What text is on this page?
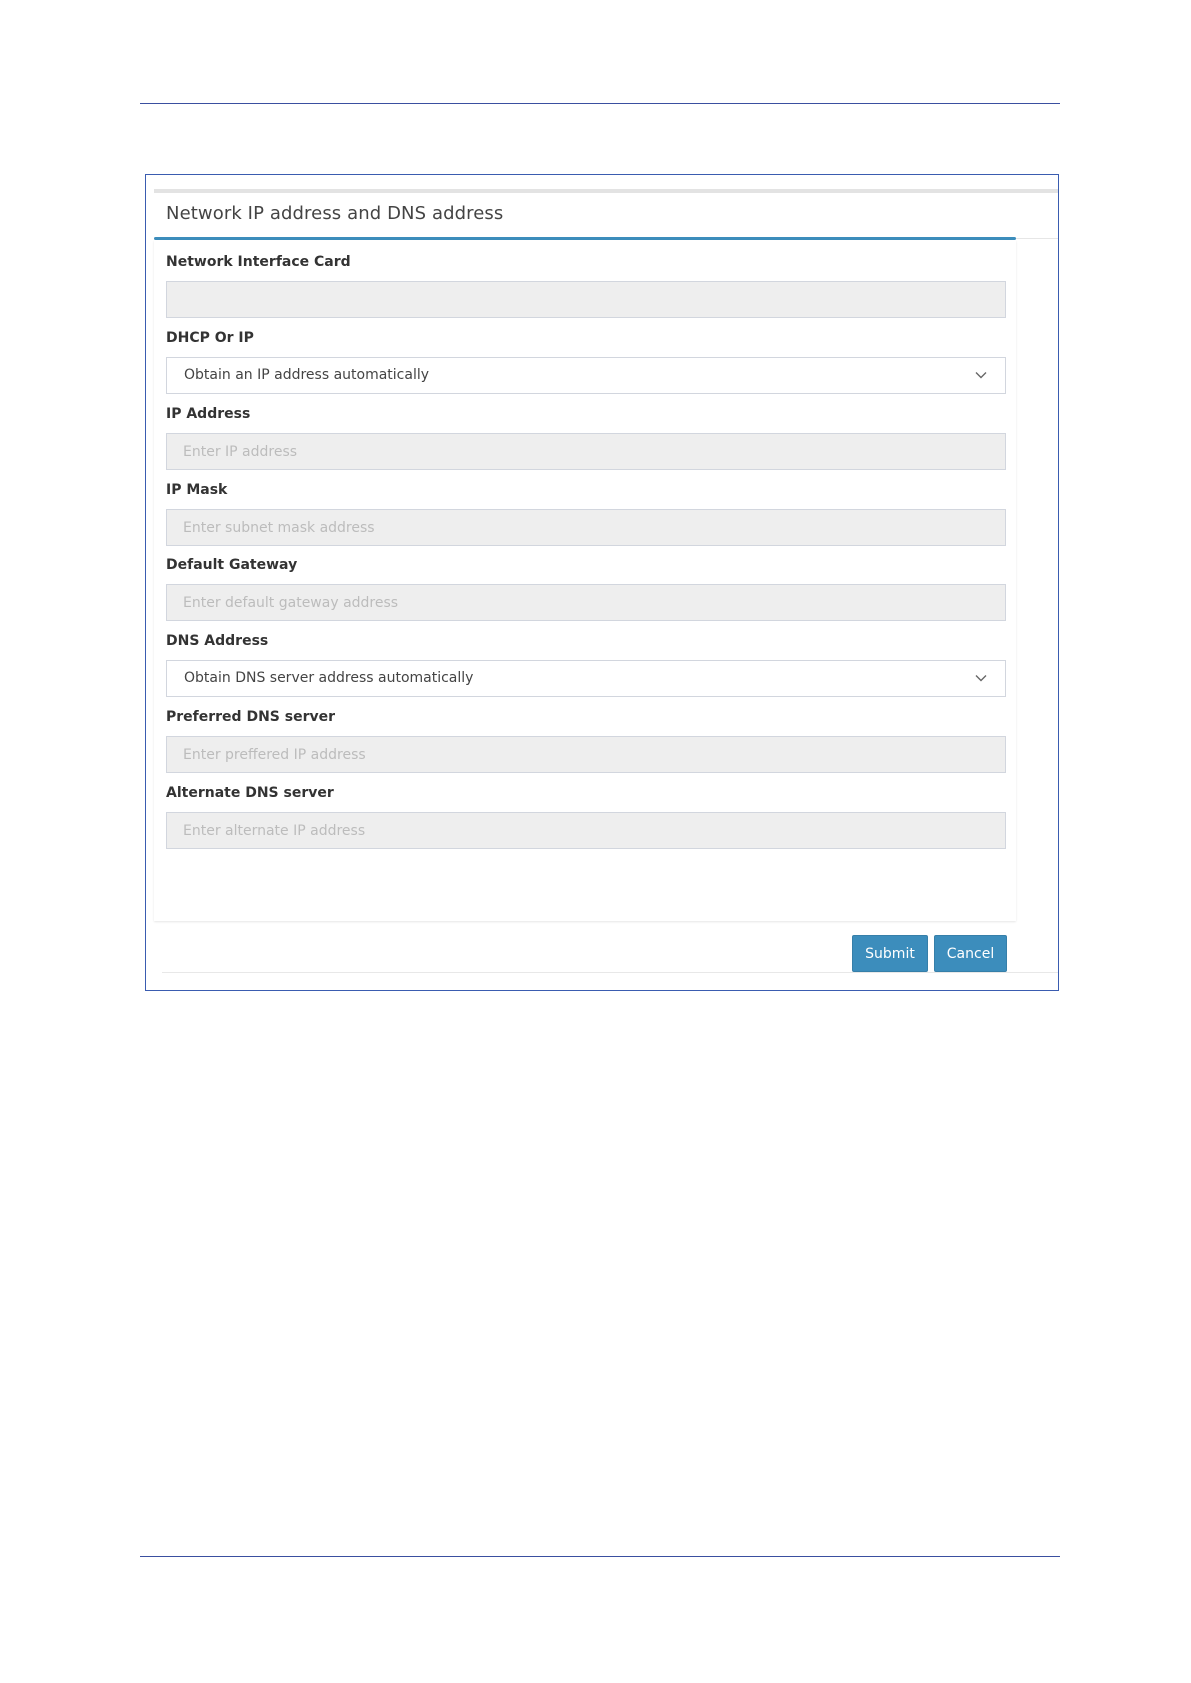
Network IP address and DNS address
Network Interface Card
DHCP Or IP
Obtain an IP address automatically
IP Address
Enter IP address
IP Mask
Enter subnet mask address
Default Gateway
Enter default gateway address
DNS Address
Obtain DNS server address automatically
Preferred DNS server
Enter preffered IP address
Alternate DNS server
Enter alternate IP address
Submit	Cancel
